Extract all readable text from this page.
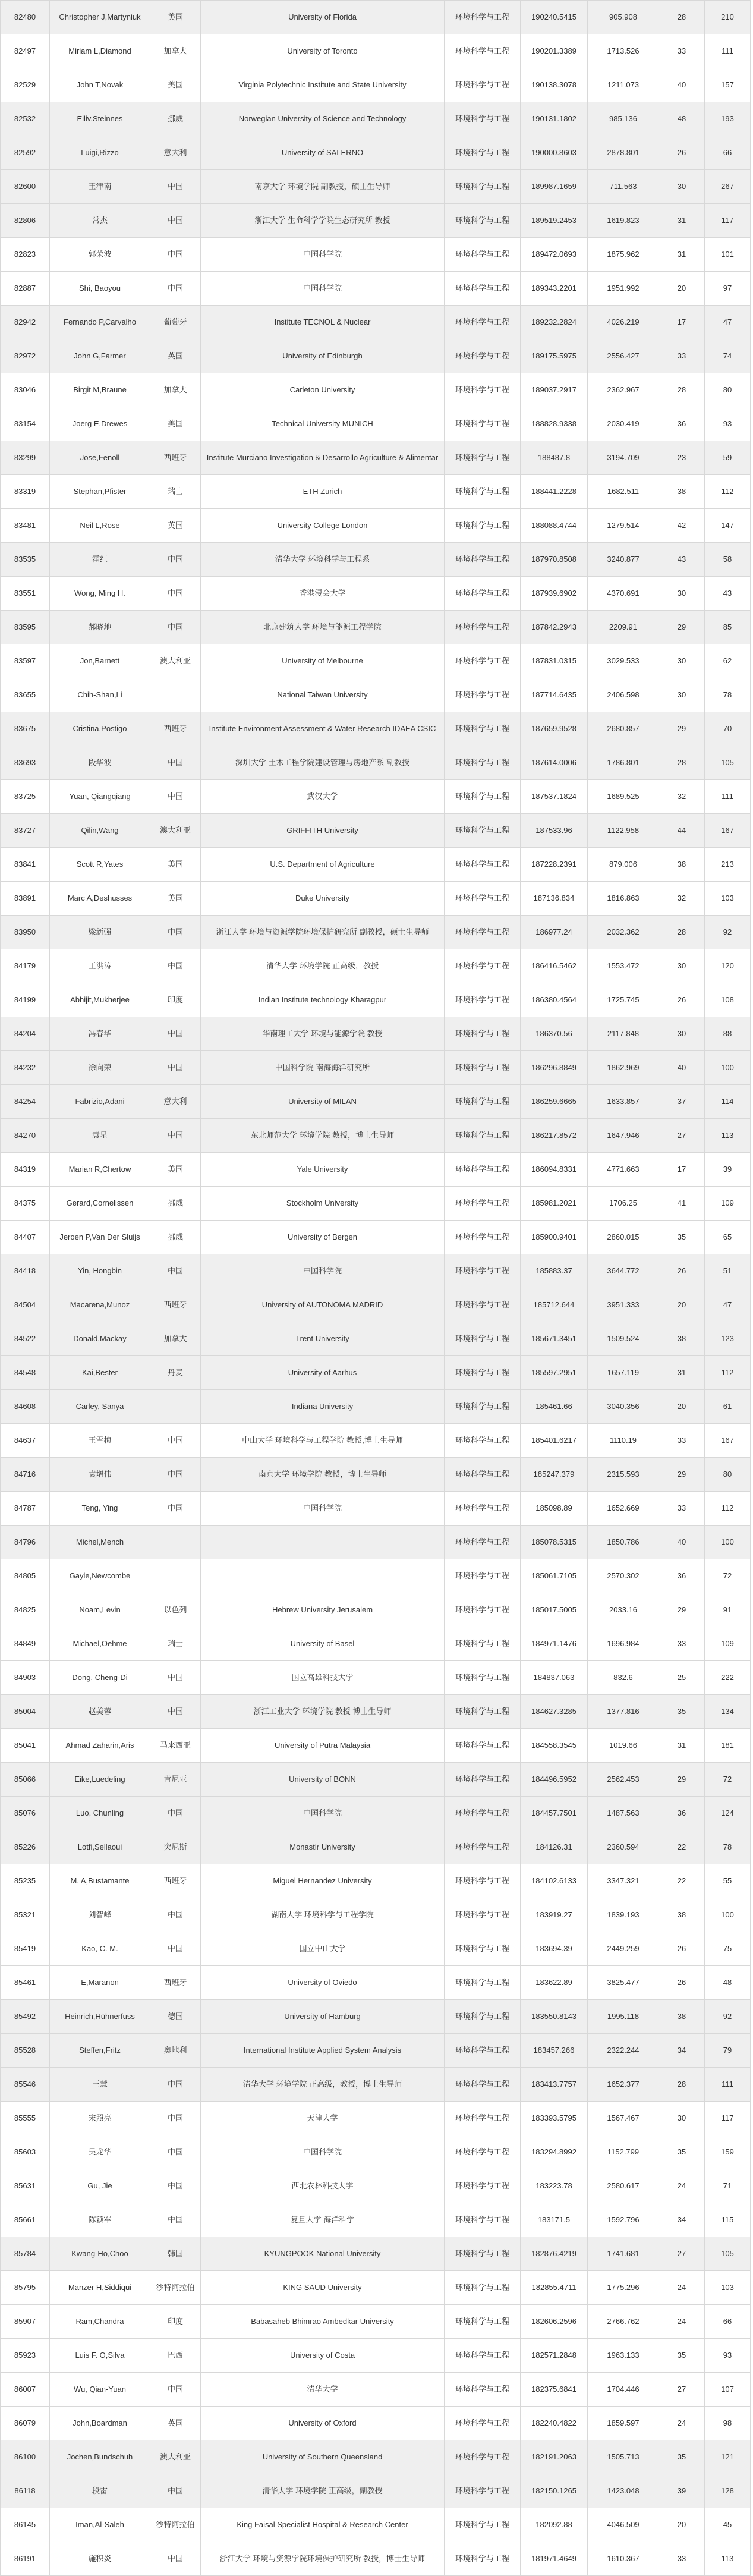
82480	Christopher J,Martyniuk	美国	University of Florida	环境科学与工程	190240.5415	905.908	28	210
82497	Miriam L,Diamond	加拿大	University of Toronto	环境科学与工程	190201.3389	1713.526	33	111
82529	John T,Novak	美国	Virginia Polytechnic Institute and State University	环境科学与工程	190138.3078	1211.073	40	157
82532	Eiliv,Steinnes	挪威	Norwegian University of Science and Technology	环境科学与工程	190131.1802	985.136	48	193
82592	Luigi,Rizzo	意大利	University of SALERNO	环境科学与工程	190000.8603	2878.801	26	66
82600	王津南	中国	南京大学 环境学院 副教授，硕士生导师	环境科学与工程	189987.1659	711.563	30	267
82806	常杰	中国	浙江大学 生命科学学院生态研究所 教授	环境科学与工程	189519.2453	1619.823	31	117
82823	郭荣波	中国	中国科学院	环境科学与工程	189472.0693	1875.962	31	101
82887	Shi, Baoyou	中国	中国科学院	环境科学与工程	189343.2201	1951.992	20	97
82942	Fernando P,Carvalho	葡萄牙	Institute TECNOL & Nuclear	环境科学与工程	189232.2824	4026.219	17	47
82972	John G,Farmer	英国	University of Edinburgh	环境科学与工程	189175.5975	2556.427	33	74
83046	Birgit M,Braune	加拿大	Carleton University	环境科学与工程	189037.2917	2362.967	28	80
83154	Joerg E,Drewes	美国	Technical University MUNICH	环境科学与工程	188828.9338	2030.419	36	93
83299	Jose,Fenoll	西班牙	Institute Murciano Investigation & Desarrollo Agriculture & Alimentar	环境科学与工程	188487.8	3194.709	23	59
83319	Stephan,Pfister	瑞士	ETH Zurich	环境科学与工程	188441.2228	1682.511	38	112
83481	Neil L,Rose	英国	University College London	环境科学与工程	188088.4744	1279.514	42	147
83535	霍红	中国	清华大学 环境科学与工程系	环境科学与工程	187970.8508	3240.877	43	58
83551	Wong, Ming H.	中国	香港浸会大学	环境科学与工程	187939.6902	4370.691	30	43
83595	郝晓地	中国	北京建筑大学 环境与能源工程学院	环境科学与工程	187842.2943	2209.91	29	85
83597	Jon,Barnett	澳大利亚	University of Melbourne	环境科学与工程	187831.0315	3029.533	30	62
83655	Chih-Shan,Li		National Taiwan University	环境科学与工程	187714.6435	2406.598	30	78
83675	Cristina,Postigo	西班牙	Institute Environment Assessment & Water Research IDAEA CSIC	环境科学与工程	187659.9528	2680.857	29	70
83693	段华波	中国	深圳大学 土木工程学院建设管理与房地产系 副教授	环境科学与工程	187614.0006	1786.801	28	105
83725	Yuan, Qiangqiang	中国	武汉大学	环境科学与工程	187537.1824	1689.525	32	111
83727	Qilin,Wang	澳大利亚	GRIFFITH University	环境科学与工程	187533.96	1122.958	44	167
83841	Scott R,Yates	美国	U.S. Department of Agriculture	环境科学与工程	187228.2391	879.006	38	213
83891	Marc A,Deshusses	美国	Duke University	环境科学与工程	187136.834	1816.863	32	103
83950	梁新强	中国	浙江大学 环境与资源学院环境保护研究所 副教授，硕士生导师	环境科学与工程	186977.24	2032.362	28	92
84179	王洪涛	中国	清华大学 环境学院 正高级，教授	环境科学与工程	186416.5462	1553.472	30	120
84199	Abhijit,Mukherjee	印度	Indian Institute technology Kharagpur	环境科学与工程	186380.4564	1725.745	26	108
84204	冯春华	中国	华南理工大学 环境与能源学院 教授	环境科学与工程	186370.56	2117.848	30	88
84232	徐向荣	中国	中国科学院 南海海洋研究所	环境科学与工程	186296.8849	1862.969	40	100
84254	Fabrizio,Adani	意大利	University of MILAN	环境科学与工程	186259.6665	1633.857	37	114
84270	袁星	中国	东北师范大学 环境学院 教授，博士生导师	环境科学与工程	186217.8572	1647.946	27	113
84319	Marian R,Chertow	美国	Yale University	环境科学与工程	186094.8331	4771.663	17	39
84375	Gerard,Cornelissen	挪威	Stockholm University	环境科学与工程	185981.2021	1706.25	41	109
84407	Jeroen P,Van Der Sluijs	挪威	University of Bergen	环境科学与工程	185900.9401	2860.015	35	65
84418	Yin, Hongbin	中国	中国科学院	环境科学与工程	185883.37	3644.772	26	51
84504	Macarena,Munoz	西班牙	University of AUTONOMA MADRID	环境科学与工程	185712.644	3951.333	20	47
84522	Donald,Mackay	加拿大	Trent University	环境科学与工程	185671.3451	1509.524	38	123
84548	Kai,Bester	丹麦	University of Aarhus	环境科学与工程	185597.2951	1657.119	31	112
84608	Carley, Sanya		Indiana University	环境科学与工程	185461.66	3040.356	20	61
84637	王雪梅	中国	中山大学 环境科学与工程学院 教授,博士生导师	环境科学与工程	185401.6217	1110.19	33	167
84716	袁增伟	中国	南京大学 环境学院 教授，博士生导师	环境科学与工程	185247.379	2315.593	29	80
84787	Teng, Ying	中国	中国科学院	环境科学与工程	185098.89	1652.669	33	112
84796	Michel,Mench			环境科学与工程	185078.5315	1850.786	40	100
84805	Gayle,Newcombe			环境科学与工程	185061.7105	2570.302	36	72
84825	Noam,Levin	以色列	Hebrew University Jerusalem	环境科学与工程	185017.5005	2033.16	29	91
84849	Michael,Oehme	瑞士	University of Basel	环境科学与工程	184971.1476	1696.984	33	109
84903	Dong, Cheng-Di	中国	国立高雄科技大学	环境科学与工程	184837.063	832.6	25	222
85004	赵美蓉	中国	浙江工业大学 环境学院 教授 博士生导师	环境科学与工程	184627.3285	1377.816	35	134
85041	Ahmad Zaharin,Aris	马来西亚	University of Putra Malaysia	环境科学与工程	184558.3545	1019.66	31	181
85066	Eike,Luedeling	肯尼亚	University of BONN	环境科学与工程	184496.5952	2562.453	29	72
85076	Luo, Chunling	中国	中国科学院	环境科学与工程	184457.7501	1487.563	36	124
85226	Lotfi,Sellaoui	突尼斯	Monastir University	环境科学与工程	184126.31	2360.594	22	78
85235	M. A,Bustamante	西班牙	Miguel Hernandez University	环境科学与工程	184102.6133	3347.321	22	55
85321	刘智峰	中国	湖南大学 环境科学与工程学院	环境科学与工程	183919.27	1839.193	38	100
85419	Kao, C. M.	中国	国立中山大学	环境科学与工程	183694.39	2449.259	26	75
85461	E,Maranon	西班牙	University of Oviedo	环境科学与工程	183622.89	3825.477	26	48
85492	Heinrich,Hühnerfuss	德国	University of Hamburg	环境科学与工程	183550.8143	1995.118	38	92
85528	Steffen,Fritz	奥地利	International Institute Applied System Analysis	环境科学与工程	183457.266	2322.244	34	79
85546	王慧	中国	清华大学 环境学院 正高级，教授，博士生导师	环境科学与工程	183413.7757	1652.377	28	111
85555	宋照亮	中国	天津大学	环境科学与工程	183393.5795	1567.467	30	117
85603	吴龙华	中国	中国科学院	环境科学与工程	183294.8992	1152.799	35	159
85631	Gu, Jie	中国	西北农林科技大学	环境科学与工程	183223.78	2580.617	24	71
85661	陈颖军	中国	复旦大学 海洋科学	环境科学与工程	183171.5	1592.796	34	115
85784	Kwang-Ho,Choo	韩国	KYUNGPOOK National University	环境科学与工程	182876.4219	1741.681	27	105
85795	Manzer H,Siddiqui	沙特阿拉伯	KING SAUD University	环境科学与工程	182855.4711	1775.296	24	103
85907	Ram,Chandra	印度	Babasaheb Bhimrao Ambedkar University	环境科学与工程	182606.2596	2766.762	24	66
85923	Luis F. O,Silva	巴西	University of Costa	环境科学与工程	182571.2848	1963.133	35	93
86007	Wu, Qian-Yuan	中国	清华大学	环境科学与工程	182375.6841	1704.446	27	107
86079	John,Boardman	英国	University of Oxford	环境科学与工程	182240.4822	1859.597	24	98
86100	Jochen,Bundschuh	澳大利亚	University of Southern Queensland	环境科学与工程	182191.2063	1505.713	35	121
86118	段雷	中国	清华大学 环境学院 正高级，副教授	环境科学与工程	182150.1265	1423.048	39	128
86145	Iman,Al-Saleh	沙特阿拉伯	King Faisal Specialist Hospital & Research Center	环境科学与工程	182092.88	4046.509	20	45
86191	施积炎	中国	浙江大学 环境与资源学院环境保护研究所 教授，博士生导师	环境科学与工程	181971.4649	1610.367	33	113
